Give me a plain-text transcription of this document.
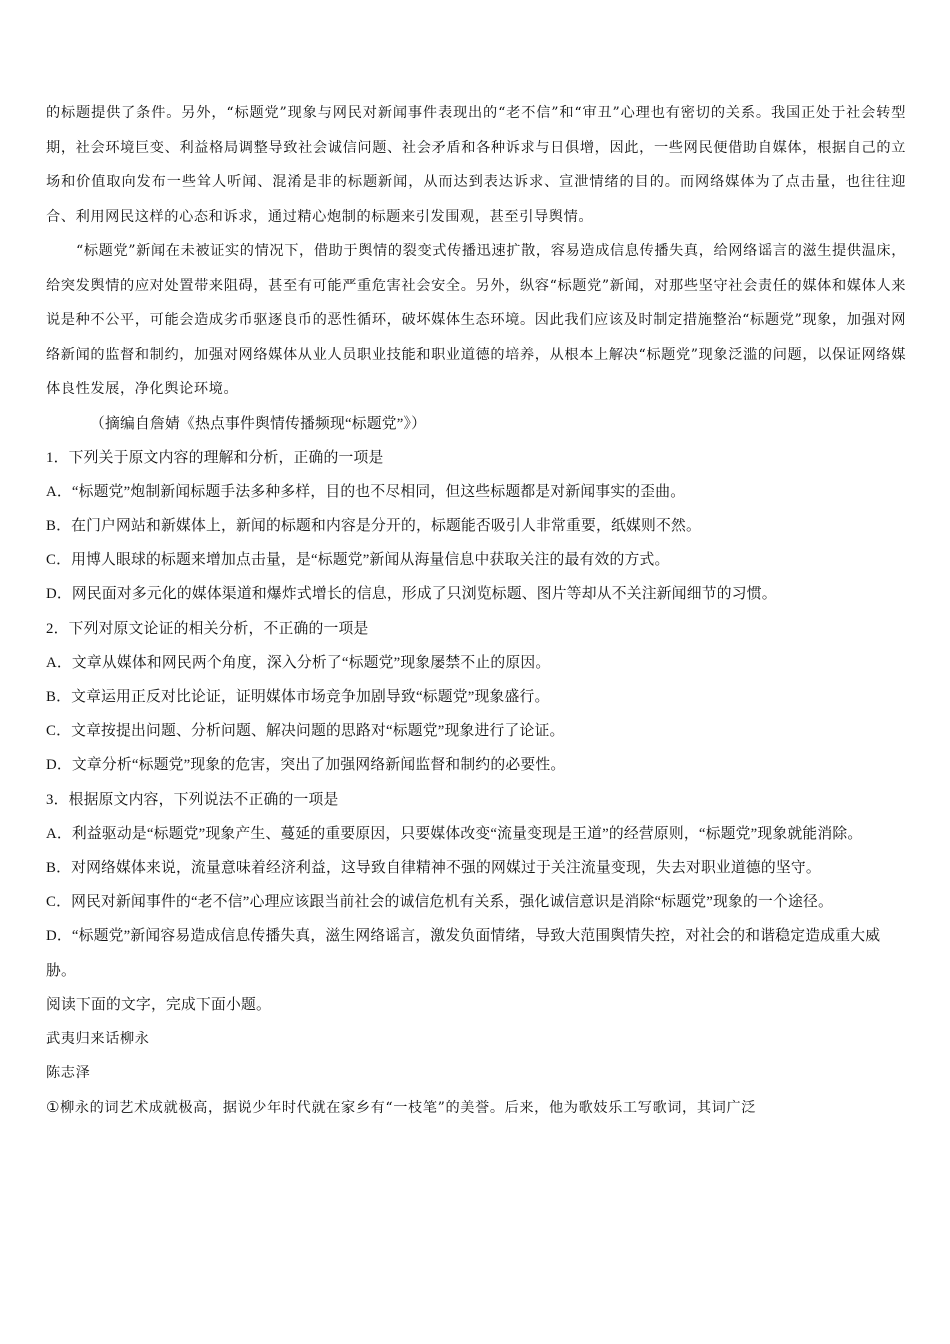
的标题提供了条件。另外，“标题党”现象与网民对新闻事件表现出的“老不信”和“审丑”心理也有密切的关系。我国正处于社会转型期，社会环境巨变、利益格局调整导致社会诚信问题、社会矛盾和各种诉求与日俱增，因此，一些网民便借助自媒体，根据自己的立场和价值取向发布一些耸人听闻、混淆是非的标题新闻，从而达到表达诉求、宣泄情绪的目的。而网络媒体为了点击量，也往往迎合、利用网民这样的心态和诉求，通过精心炮制的标题来引发围观，甚至引导舆情。

“标题党”新闻在未被证实的情况下，借助于舆情的裂变式传播迅速扩散，容易造成信息传播失真，给网络谣言的滋生提供温床，给突发舆情的应对处置带来阻碍，甚至有可能严重危害社会安全。另外，纵容“标题党”新闻，对那些坚守社会责任的媒体和媒体人来说是种不公平，可能会造成劣币驱逐良币的恶性循环，破坏媒体生态环境。因此我们应该及时制定措施整治“标题党”现象，加强对网络新闻的监督和制约，加强对网络媒体从业人员职业技能和职业道德的培养，从根本上解决“标题党”现象泛滥的问题，以保证网络媒体良性发展，净化舆论环境。

（摘编自詹婧《热点事件舆情传播频现“标题党”》）

1．下列关于原文内容的理解和分析，正确的一项是

A．“标题党”炮制新闻标题手法多种多样，目的也不尽相同，但这些标题都是对新闻事实的歪曲。

B．在门户网站和新媒体上，新闻的标题和内容是分开的，标题能否吸引人非常重要，纸媒则不然。

C．用博人眼球的标题来增加点击量，是“标题党”新闻从海量信息中获取关注的最有效的方式。

D．网民面对多元化的媒体渠道和爆炸式增长的信息，形成了只浏览标题、图片等却从不关注新闻细节的习惯。

2．下列对原文论证的相关分析，不正确的一项是

A．文章从媒体和网民两个角度，深入分析了“标题党”现象屡禁不止的原因。

B．文章运用正反对比论证，证明媒体市场竞争加剧导致“标题党”现象盛行。

C．文章按提出问题、分析问题、解决问题的思路对“标题党”现象进行了论证。

D．文章分析“标题党”现象的危害，突出了加强网络新闻监督和制约的必要性。

3．根据原文内容，下列说法不正确的一项是

A．利益驱动是“标题党”现象产生、蔓延的重要原因，只要媒体改变“流量变现是王道”的经营原则，“标题党”现象就能消除。

B．对网络媒体来说，流量意味着经济利益，这导致自律精神不强的网媒过于关注流量变现，失去对职业道德的坚守。

C．网民对新闻事件的“老不信”心理应该跟当前社会的诚信危机有关系，强化诚信意识是消除“标题党”现象的一个途径。

D．“标题党”新闻容易造成信息传播失真，滋生网络谣言，激发负面情绪，导致大范围舆情失控，对社会的和谐稳定造成重大威胁。

阅读下面的文字，完成下面小题。

武夷归来话柳永

陈志泽

①柳永的词艺术成就极高，据说少年时代就在家乡有“一枝笔”的美誉。后来，他为歌妓乐工写歌词，其词广泛
